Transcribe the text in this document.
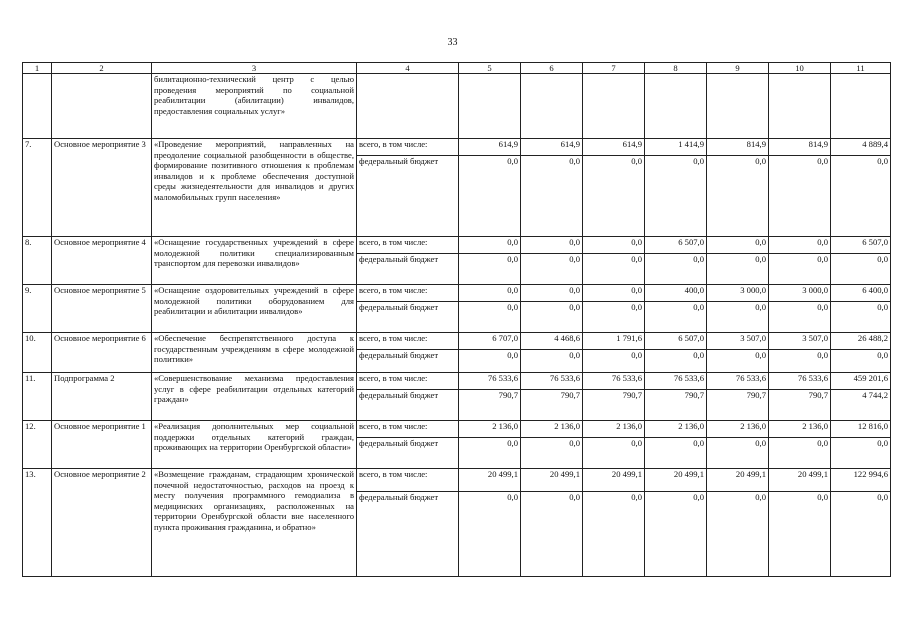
33
1	2	3	4	5	6	7	8	9	10	11
		билитационно-технический центр с целью проведения мероприятий по социальной реабилитации (абилитации) инвалидов, предоставления социальных услуг»								
7.	Основное мероприятие 3	«Проведение мероприятий, направленных на преодоление социальной разобщенности в обществе, формирование позитивного отношения к проблемам инвалидов и к проблеме обеспечения доступной среды жизнедеятельности для инвалидов и других маломобильных групп населения»	всего, в том числе:	614,9	614,9	614,9	1 414,9	814,9	814,9	4 889,4
			федеральный бюджет	0,0	0,0	0,0	0,0	0,0	0,0	0,0
8.	Основное мероприятие 4	«Оснащение государственных учреждений в сфере молодежной политики специализированным транспортом для перевозки инвалидов»	всего, в том числе:	0,0	0,0	0,0	6 507,0	0,0	0,0	6 507,0
			федеральный бюджет	0,0	0,0	0,0	0,0	0,0	0,0	0,0
9.	Основное мероприятие 5	«Оснащение оздоровительных учреждений в сфере молодежной политики оборудованием для реабилитации и абилитации инвалидов»	всего, в том числе:	0,0	0,0	0,0	400,0	3 000,0	3 000,0	6 400,0
			федеральный бюджет	0,0	0,0	0,0	0,0	0,0	0,0	0,0
10.	Основное мероприятие 6	«Обеспечение беспрепятственного доступа к государственным учреждениям в сфере молодежной политики»	всего, в том числе:	6 707,0	4 468,6	1 791,6	6 507,0	3 507,0	3 507,0	26 488,2
			федеральный бюджет	0,0	0,0	0,0	0,0	0,0	0,0	0,0
11.	Подпрограмма 2	«Совершенствование механизма предоставления услуг в сфере реабилитации отдельных категорий граждан»	всего, в том числе:	76 533,6	76 533,6	76 533,6	76 533,6	76 533,6	76 533,6	459 201,6
			федеральный бюджет	790,7	790,7	790,7	790,7	790,7	790,7	4 744,2
12.	Основное мероприятие 1	«Реализация дополнительных мер социальной поддержки отдельных категорий граждан, проживающих на территории Оренбургской области»	всего, в том числе:	2 136,0	2 136,0	2 136,0	2 136,0	2 136,0	2 136,0	12 816,0
			федеральный бюджет	0,0	0,0	0,0	0,0	0,0	0,0	0,0
13.	Основное мероприятие 2	«Возмещение гражданам, страдающим хронической почечной недостаточностью, расходов на проезд к месту получения программного гемодиализа в медицинских организациях, расположенных на территории Оренбургской области вне населенного пункта проживания гражданина, и обратно»	всего, в том числе:	20 499,1	20 499,1	20 499,1	20 499,1	20 499,1	20 499,1	122 994,6
			федеральный бюджет	0,0	0,0	0,0	0,0	0,0	0,0	0,0
